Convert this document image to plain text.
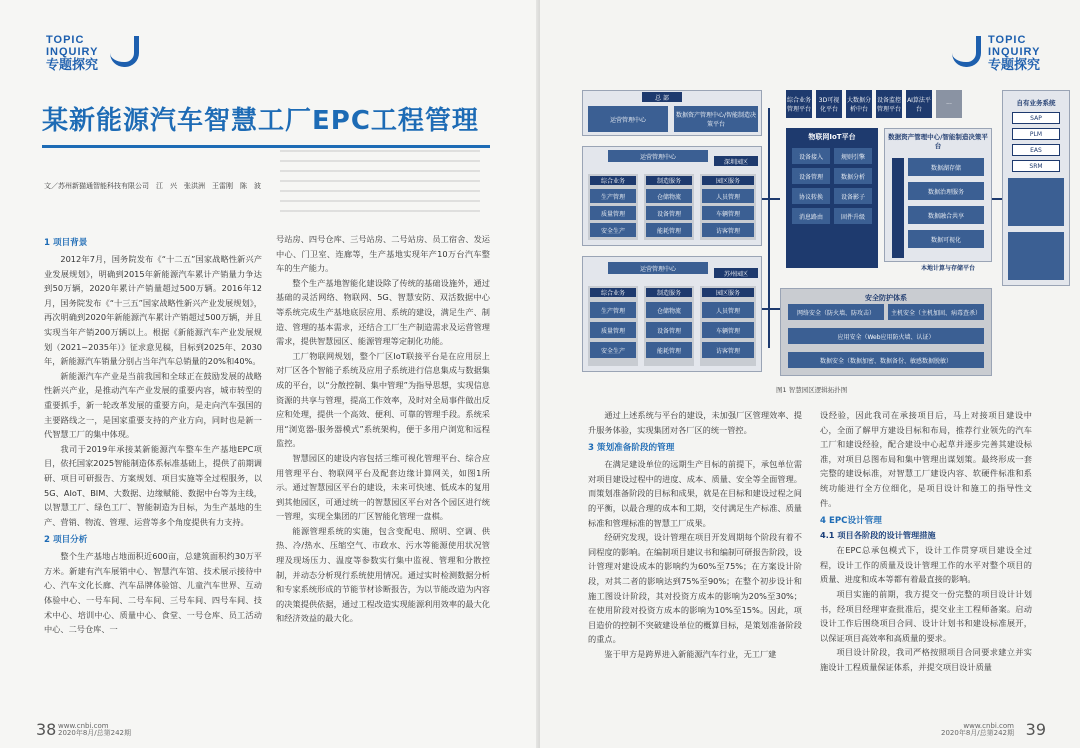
TOPIC
INQUIRY
专题探究
某新能源汽车智慧工厂EPC工程管理
文／苏州新猫通智能科技有限公司　江　兴　张洪洲　王雷刚　陈　波
1 项目背景

2012年7月，国务院发布《“十二五”国家战略性新兴产业发展规划》，明确到2015年新能源汽车累计产销量力争达到50万辆，2020年累计产销量超过500万辆。2016年12月，国务院发布《“十三五”国家战略性新兴产业发展规划》，再次明确到2020年新能源汽车累计产销超过500万辆，并且实现当年产销200万辆以上。根据《新能源汽车产业发展规划（2021~2035年）》征求意见稿，目标到2025年、2030年，新能源汽车销量分别占当年汽车总销量的20%和40%。

新能源汽车产业是当前我国和全球正在鼓励发展的战略性新兴产业，是推动汽车产业发展的重要内容，城市转型的重要抓手，新一轮改革发展的重要方向，是走向汽车强国的主要路线之一，是国家重要支持的产业方向，同时也是新一代智慧工厂的集中体现。

我司于2019年承接某新能源汽车整车生产基地EPC项目，依托国家2025智能制造体系标准基础上，提供了前期调研、项目可研报告、方案规划、项目实施等全过程服务，以5G、AIoT、BIM、大数据、边缘赋能、数据中台等为主线，以智慧工厂、绿色工厂、智能制造为目标，为生产基地的生产、营销、物流、管理、运营等多个角度提供有力支持。

2 项目分析

整个生产基地占地面积近600亩，总建筑面积约30万平方米。新建有汽车展销中心、智慧汽车馆、技术展示接待中心、汽车文化长廊、汽车品牌体验馆、儿童汽车世界、互动体验中心、一号车间、二号车间、三号车间、四号车间、技术中心、培训中心、质量中心、食堂、一号仓库、员工活动中心、二号仓库、一

号站房、四号仓库、三号站房、二号站房、员工宿舍、发运中心、门卫室、连廊等，生产基地实现年产10万台汽车整车的生产能力。

整个生产基地智能化建设除了传统的基础设施外，通过基础的灵活网络、物联网、5G、智慧安防、双活数据中心等系统完成生产基地底层应用、系统的建设，满足生产、制造、管理的基本需求，还结合工厂生产制造需求及运营管理需求，提供智慧园区、能源管理等定制化功能。

工厂物联网规划，整个厂区IoT联接平台是在应用层上对厂区各个智能子系统及应用子系统进行信息集成与数据集成的平台，以“分散控制、集中管理”为指导思想，实现信息资源的共享与管理，提高工作效率，及时对全局事件做出反应和处理，提供一个高效、便利、可靠的管理手段。系统采用“浏览器-服务器模式”系统架构，便于多用户浏览和远程监控。

智慧园区的建设内容包括三维可视化管理平台、综合应用管理平台、物联网平台及配套边缘计算网关，如图1所示。通过智慧园区平台的建设，未来可快速、低成本的复用到其他园区，可通过统一的智慧园区平台对各个园区进行统一管理，实现全集团的厂区智能化管理一盘棋。

能源管理系统的实施，包含变配电、照明、空调、供热、冷/热水、压缩空气、市政水、污水等能源使用状况管理及现场压力、温度等参数实行集中监视、管理和分散控制，并动态分析现行系统使用情况。通过实时检测数据分析和专家系统形成的节能节材诊断报告，为以节能改造为内容的决策提供依据，通过工程改造实现能源利用效率的最大化和经济效益的最大化。

38 www.cnbi.com
2020年8月/总第242期
TOPIC
INQUIRY
专题探究

通过上述系统与平台的建设，未加强厂区管理效率、提升服务体验，实现集团对各厂区的统一管控。

3 策划准备阶段的管理

在满足建设单位的远期生产目标的前提下，承包单位需对项目建设过程中的进度、成本、质量、安全等全面管理。而策划准备阶段的目标和成果，就是在目标和建设过程之间的平衡，以最合理的成本和工期，交付满足生产标准、质量标准和管理标准的智慧工厂成果。

经研究发现，设计管理在项目开发周期每个阶段有着不同程度的影响。在编制项目建议书和编制可研报告阶段，设计管理对建设成本的影响约为60%至75%；在方案设计阶段，对其二者的影响达到75%至90%；在整个初步设计和施工图设计阶段，其对投资方成本的影响为20%至30%；在使用阶段对投资方成本的影响为10%至15%。因此，项目造价的控制不突破建设单位的概算目标，是策划准备阶段的重点。

鉴于甲方是跨界进入新能源汽车行业，无工厂建

设经验，因此我司在承接项目后，马上对接项目建设中心，全面了解甲方建设目标和布局，推荐行业领先的汽车工厂和建设经验，配合建设中心起草并逐步完善其建设标准，对项目总图布局和集中管理出谋划策。最终形成一套完整的建设标准，对智慧工厂建设内容、软硬件标准和系统功能进行全方位细化，是项目设计和施工的指导性文件。

4 EPC设计管理
4.1 项目各阶段的设计管理措施

在EPC总承包模式下，设计工作贯穿项目建设全过程，设计工作的质量及设计管理工作的水平对整个项目的质量、进度和成本等都有着最直接的影响。

项目实施的前期，我方提交一份完整的项目设计计划书，经项目经理审查批准后，提交业主工程师备案。启动设计工作后围绕项目合同、设计计划书和建设标准展开，以保证项目高效率和高质量的要求。

项目设计阶段，我司严格按照项目合同要求建立并实施设计工程质量保证体系，并提交项目设计质量

www.cnbi.com
2020年8月/总第242期 39
总 部
运营管理中心
数据资产管理中心/智能制造决策平台
运营管理中心
深圳园区
综合业务	制造服务	园区服务
生产管理
质量管理
安全生产
仓储物流
设备管理
能耗管理
人员管理
车辆管理
访客管理
运营管理中心
苏州园区
综合业务	制造服务	园区服务
生产管理
质量管理
安全生产
仓储物流
设备管理
能耗管理
人员管理
车辆管理
访客管理
综合业务管理平台
3D可视化平台
大数据分析中台
设备监控管理平台
AI算法平台
···
物联网IoT平台
设备接入	规则引擎
设备管理	数据分析
协议转换	设备影子
消息路由	固件升级
数据资产管理中心/智能制造决策平台
数据湖存储
数据治理服务
数据融合共享
数据可视化
本地计算与存储平台
自有业务系统
SAP
PLM
EAS
SRM
安全防护体系
网络安全（防火墙、防攻击）	主机安全（主机加固、病毒查杀）
应用安全（Web应用防火墙、认证）
数据安全（数据加密、数据备份、敏感数据脱敏）
图1 智慧园区逻辑拓扑图
